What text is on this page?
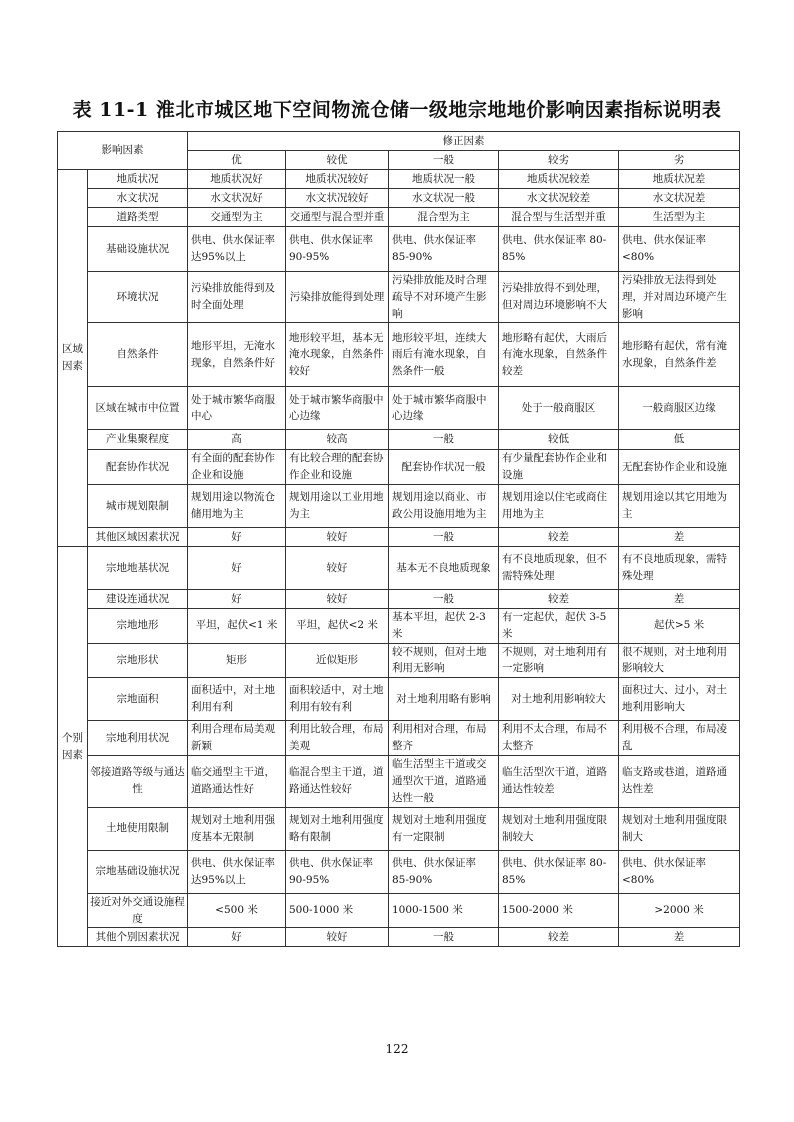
表 11-1 淮北市城区地下空间物流仓储一级地宗地地价影响因素指标说明表
影响因素		修正因素				
		优	较优	一般	较劣	劣
区域因素	地质状况	地质状况好	地质状况较好	地质状况一般	地质状况较差	地质状况差
	水文状况	水文状况好	水文状况较好	水文状况一般	水文状况较差	水文状况差
	道路类型	交通型为主	交通型与混合型并重	混合型为主	混合型与生活型并重	生活型为主
	基础设施状况	供电、供水保证率达95%以上	供电、供水保证率 90-95%	供电、供水保证率 85-90%	供电、供水保证率 80-85%	供电、供水保证率<80%
	环境状况	污染排放能得到及时全面处理	污染排放能得到处理	污染排放能及时合理疏导不对环境产生影响	污染排放得不到处理，但对周边环境影响不大	污染排放无法得到处理，并对周边环境产生影响
	自然条件	地形平坦，无淹水现象，自然条件好	地形较平坦，基本无淹水现象，自然条件较好	地形较平坦，连续大雨后有淹水现象，自然条件一般	地形略有起伏，大雨后有淹水现象，自然条件较差	地形略有起伏，常有淹水现象，自然条件差
	区域在城市中位置	处于城市繁华商服中心	处于城市繁华商服中心边缘	处于城市繁华商服中心边缘	处于一般商服区	一般商服区边缘
	产业集聚程度	高	较高	一般	较低	低
	配套协作状况	有全面的配套协作企业和设施	有比较合理的配套协作企业和设施	配套协作状况一般	有少量配套协作企业和设施	无配套协作企业和设施
	城市规划限制	规划用途以物流仓储用地为主	规划用途以工业用地为主	规划用途以商业、市政公用设施用地为主	规划用途以住宅或商住用地为主	规划用途以其它用地为主
	其他区域因素状况	好	较好	一般	较差	差
个别因素	宗地地基状况	好	较好	基本无不良地质现象	有不良地质现象，但不需特殊处理	有不良地质现象，需特殊处理
	建设连通状况	好	较好	一般	较差	差
	宗地地形	平坦，起伏<1 米	平坦，起伏<2 米	基本平坦，起伏 2-3 米	有一定起伏，起伏 3-5 米	起伏>5 米
	宗地形状	矩形	近似矩形	较不规则，但对土地利用无影响	不规则，对土地利用有一定影响	很不规则，对土地利用影响较大
	宗地面积	面积适中，对土地利用有利	面积较适中，对土地利用有较有利	对土地利用略有影响	对土地利用影响较大	面积过大、过小，对土地利用影响大
	宗地利用状况	利用合理布局美观新颖	利用比较合理，布局美观	利用相对合理，布局整齐	利用不太合理，布局不太整齐	利用极不合理，布局凌乱
	邻接道路等级与通达性	临交通型主干道，道路通达性好	临混合型主干道，道路通达性较好	临生活型主干道或交通型次干道，道路通达性一般	临生活型次干道，道路通达性较差	临支路或巷道，道路通达性差
	土地使用限制	规划对土地利用强度基本无限制	规划对土地利用强度略有限制	规划对土地利用强度有一定限制	规划对土地利用强度限制较大	规划对土地利用强度限制大
	宗地基础设施状况	供电、供水保证率达95%以上	供电、供水保证率 90-95%	供电、供水保证率 85-90%	供电、供水保证率 80-85%	供电、供水保证率<80%
	接近对外交通设施程度	<500 米	500-1000 米	1000-1500 米	1500-2000 米	>2000 米
	其他个别因素状况	好	较好	一般	较差	差
122
